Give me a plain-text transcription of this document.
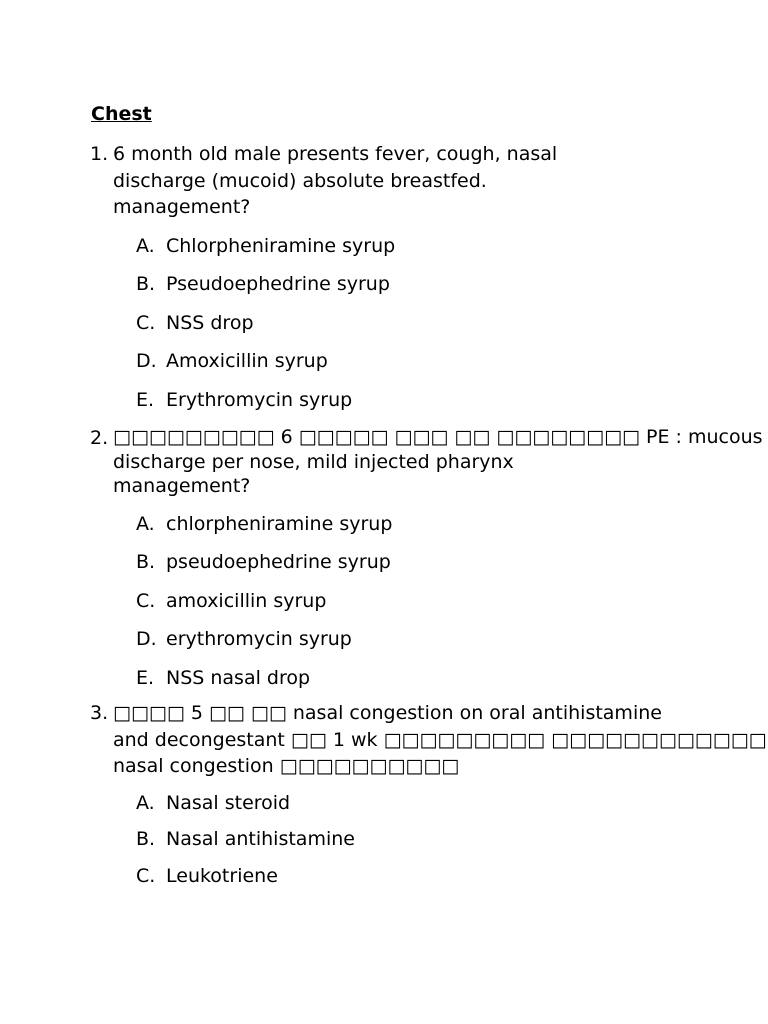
Chest
1. 6 month old male presents fever, cough, nasal
discharge (mucoid) absolute breastfed.
management?
A. Chlorpheniramine syrup
B. Pseudoephedrine syrup
C. NSS drop
D. Amoxicillin syrup
E. Erythromycin syrup
2. □□□□□□□□□ 6 □□□□□ □□□ □□ □□□□□□□□ PE : mucous
discharge per nose, mild injected pharynx
management?
A. chlorpheniramine syrup
B. pseudoephedrine syrup
C. amoxicillin syrup
D. erythromycin syrup
E. NSS nasal drop
3. □□□□ 5 □□ □□ nasal congestion on oral antihistamine
and decongestant □□ 1 wk □□□□□□□□□ □□□□□□□□□□□□
nasal congestion □□□□□□□□□□
A. Nasal steroid
B. Nasal antihistamine
C. Leukotriene
